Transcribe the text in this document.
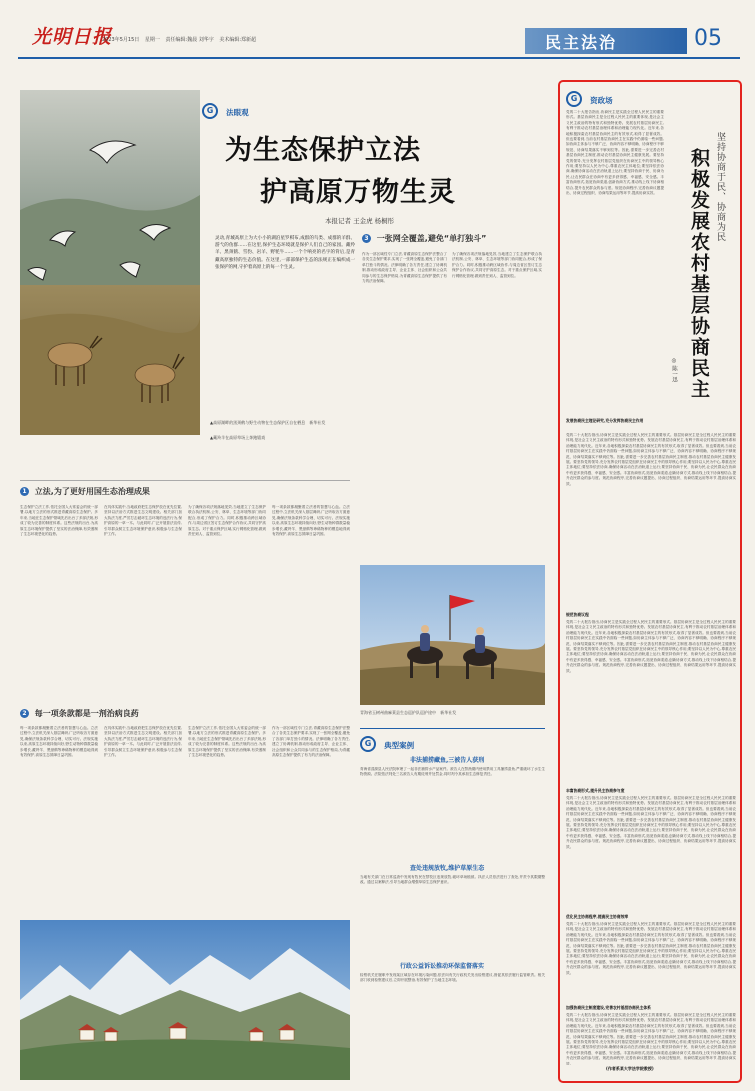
光明日报
2023年5月15日 星期一 责任编辑:魏晨 刘华宇 美术编辑:郑新超	民主法治	05
▲高原湖畔的黑颈鹤与野生动物在生态保护区自在栖息 新华社发
▲藏羚羊在高原草场上奔跑嬉戏
G 法眼观
为生态保护立法
护高原万物生灵
本报记者 王金虎 杨桐彤
灵动,青城高原上为大小小的湖泊星罗棋布,成群的鸟类、成群的羊群、游弋的鱼群……在这里,保护生态环境就是保护人们自己的家园。藏羚羊、黑颈鹤、雪豹、岩羊、野牦牛……一个个响亮的名字的背后,是青藏高原独特的生态价值。在这里,一部部保护生态的法规正在编织成一张保护的网,守护着高原上的每一个生灵。
3 一张网全覆盖,避免“单打独斗”
作为一部区域性专门立法,青藏高原生态保护法整合了各类生态保护要求,实现了一张网全覆盖,避免了各部门单打独斗的情况。法律明确了各方责任,建立了协调机制,推动形成政府主导、企业主体、社会组织和公众共同参与的生态保护格局,为青藏高原生态保护提供了有力的法治保障。
为了确保各项法规落地见效,当地建立了生态保护联合执法机制,公安、林草、生态环境等部门协同配合,形成了保护合力。同时,积极推动跨区域协作,与周边省区签订生态保护合作协议,共同守护高原生态。对于重点保护区域,实行网格化管理,做到责任到人、监管到位。
1 立法,为了更好用国生态治理成果
生态保护立法工作,依托全国人大常委会的统一部署,以地方立法的形式推进青藏高原生态保护。多年来,当地在生态保护领域先后出台了多部法规,形成了较为完善的制度体系。这些法规的出台,为高原生态环境保护提供了坚实的法治保障,有效遏制了生态环境恶化的趋势。
在具体实践中,当地政府把生态保护放在优先位置,坚持以法治方式推进生态文明建设。相关部门加大执法力度,严厉打击破坏生态环境的违法行为,保护高原的一草一木。与此同时,广泛开展普法宣传,引导群众树立生态环境保护意识,积极参与生态保护工作。
为了确保各项法规落地见效,当地建立了生态保护联合执法机制,公安、林草、生态环境等部门协同配合,形成了保护合力。同时,积极推动跨区域协作,与周边省区签订生态保护合作协议,共同守护高原生态。对于重点保护区域,实行网格化管理,做到责任到人、监管到位。
每一项条款都凝聚着立法者的智慧与心血。立法过程中,立法机关深入基层调研,广泛听取各方面意见,确保法规条款科学合理、切实可行。法规实施以来,高原生态环境持续向好,野生动物种群数量稳步增长,藏羚羊、黑颈鹤等珍稀物种的栖息地得到有效保护,高原生态屏障日益巩固。
2 每一项条款都是一剂治病良药
每一项条款都凝聚着立法者的智慧与心血。立法过程中,立法机关深入基层调研,广泛听取各方面意见,确保法规条款科学合理、切实可行。法规实施以来,高原生态环境持续向好,野生动物种群数量稳步增长,藏羚羊、黑颈鹤等珍稀物种的栖息地得到有效保护,高原生态屏障日益巩固。
在具体实践中,当地政府把生态保护放在优先位置,坚持以法治方式推进生态文明建设。相关部门加大执法力度,严厉打击破坏生态环境的违法行为,保护高原的一草一木。与此同时,广泛开展普法宣传,引导群众树立生态环境保护意识,积极参与生态保护工作。
生态保护立法工作,依托全国人大常委会的统一部署,以地方立法的形式推进青藏高原生态保护。多年来,当地在生态保护领域先后出台了多部法规,形成了较为完善的制度体系。这些法规的出台,为高原生态环境保护提供了坚实的法治保障,有效遏制了生态环境恶化的趋势。
作为一部区域性专门立法,青藏高原生态保护法整合了各类生态保护要求,实现了一张网全覆盖,避免了各部门单打独斗的情况。法律明确了各方责任,建立了协调机制,推动形成政府主导、企业主体、社会组织和公众共同参与的生态保护格局,为青藏高原生态保护提供了有力的法治保障。
青海省玉树州曲麻莱县生态巡护队巡护途中 新华社发
G 典型案例
非法捕捞藏鱼,三被告人获刑
青海省湟源县人民法院审理了一起非法捕捞水产品案件。被告人在禁渔期内使用禁用工具捕捞湟鱼,严重破坏了水生生物资源。法院依法判处三名被告人有期徒刑并处罚金,同时判令其承担生态修复责任。
查处违规放牧,维护草原生态
当地有关部门在日常巡查中发现有牧民在禁牧区违规放牧,破坏草场植被。执法人员依法进行了查处,并责令其限期整改。通过以案释法,引导当地群众增强草原生态保护意识。
行政公益诉讼推动环保监督落实
检察机关在履职中发现某区域存在环境污染问题,依法向有关行政机关发出检察建议,督促其依法履行监管职责。相关部门收到检察建议后,立即开展整治,有效保护了当地生态环境。
G 资政场
坚持协商于民、协商为民
积极发展农村基层协商民主
◎ 陈一迅
党的二十大报告指出,协商民主是实践全过程人民民主的重要形式。基层协商民主是全过程人民民主的重要体现,是社会主义民主政治的特有形式和独特优势。发展农村基层协商民主,有利于推动农村基层治理体系和治理能力现代化。近年来,各地积极探索农村基层协商民主的有效形式,取得了显著成效。但也要看到,当前农村基层协商民主在实践中仍面临一些问题,如协商主体参与不够广泛、协商内容不够明确、协商程序不够规范、协商结果落实不够到位等。因此,需要进一步完善农村基层协商民主制度,推动农村基层协商民主健康发展。要坚持党的领导,充分发挥农村基层党组织在协商民主中的领导核心作用;要坚持以人民为中心,尊重农民主体地位;要坚持依法协商,确保协商活动在法治轨道上运行;要坚持协商于民、协商为民,让农民群众在协商中有更多获得感、幸福感、安全感。丰富协商形式,拓宽协商渠道,创新协商方式,推动线上线下协商相结合,提升农民群众的参与度。规范协商程序,完善协商议题提出、协商过程组织、协商结果运用等环节,提高协商实效。
发展协商民主理论研究,充分发挥协商民主作用
党的二十大报告指出,协商民主是实践全过程人民民主的重要形式。基层协商民主是全过程人民民主的重要体现,是社会主义民主政治的特有形式和独特优势。发展农村基层协商民主,有利于推动农村基层治理体系和治理能力现代化。近年来,各地积极探索农村基层协商民主的有效形式,取得了显著成效。但也要看到,当前农村基层协商民主在实践中仍面临一些问题,如协商主体参与不够广泛、协商内容不够明确、协商程序不够规范、协商结果落实不够到位等。因此,需要进一步完善农村基层协商民主制度,推动农村基层协商民主健康发展。要坚持党的领导,充分发挥农村基层党组织在协商民主中的领导核心作用;要坚持以人民为中心,尊重农民主体地位;要坚持依法协商,确保协商活动在法治轨道上运行;要坚持协商于民、协商为民,让农民群众在协商中有更多获得感、幸福感、安全感。丰富协商形式,拓宽协商渠道,创新协商方式,推动线上线下协商相结合,提升农民群众的参与度。规范协商程序,完善协商议题提出、协商过程组织、协商结果运用等环节,提高协商实效。
规范协商议程
党的二十大报告指出,协商民主是实践全过程人民民主的重要形式。基层协商民主是全过程人民民主的重要体现,是社会主义民主政治的特有形式和独特优势。发展农村基层协商民主,有利于推动农村基层治理体系和治理能力现代化。近年来,各地积极探索农村基层协商民主的有效形式,取得了显著成效。但也要看到,当前农村基层协商民主在实践中仍面临一些问题,如协商主体参与不够广泛、协商内容不够明确、协商程序不够规范、协商结果落实不够到位等。因此,需要进一步完善农村基层协商民主制度,推动农村基层协商民主健康发展。要坚持党的领导,充分发挥农村基层党组织在协商民主中的领导核心作用;要坚持以人民为中心,尊重农民主体地位;要坚持依法协商,确保协商活动在法治轨道上运行;要坚持协商于民、协商为民,让农民群众在协商中有更多获得感、幸福感、安全感。丰富协商形式,拓宽协商渠道,创新协商方式,推动线上线下协商相结合,提升农民群众的参与度。规范协商程序,完善协商议题提出、协商过程组织、协商结果运用等环节,提高协商实效。
丰富协商形式,提升民主协商参与度
党的二十大报告指出,协商民主是实践全过程人民民主的重要形式。基层协商民主是全过程人民民主的重要体现,是社会主义民主政治的特有形式和独特优势。发展农村基层协商民主,有利于推动农村基层治理体系和治理能力现代化。近年来,各地积极探索农村基层协商民主的有效形式,取得了显著成效。但也要看到,当前农村基层协商民主在实践中仍面临一些问题,如协商主体参与不够广泛、协商内容不够明确、协商程序不够规范、协商结果落实不够到位等。因此,需要进一步完善农村基层协商民主制度,推动农村基层协商民主健康发展。要坚持党的领导,充分发挥农村基层党组织在协商民主中的领导核心作用;要坚持以人民为中心,尊重农民主体地位;要坚持依法协商,确保协商活动在法治轨道上运行;要坚持协商于民、协商为民,让农民群众在协商中有更多获得感、幸福感、安全感。丰富协商形式,拓宽协商渠道,创新协商方式,推动线上线下协商相结合,提升农民群众的参与度。规范协商程序,完善协商议题提出、协商过程组织、协商结果运用等环节,提高协商实效。
优化民主协商程序,提高民主协商效率
党的二十大报告指出,协商民主是实践全过程人民民主的重要形式。基层协商民主是全过程人民民主的重要体现,是社会主义民主政治的特有形式和独特优势。发展农村基层协商民主,有利于推动农村基层治理体系和治理能力现代化。近年来,各地积极探索农村基层协商民主的有效形式,取得了显著成效。但也要看到,当前农村基层协商民主在实践中仍面临一些问题,如协商主体参与不够广泛、协商内容不够明确、协商程序不够规范、协商结果落实不够到位等。因此,需要进一步完善农村基层协商民主制度,推动农村基层协商民主健康发展。要坚持党的领导,充分发挥农村基层党组织在协商民主中的领导核心作用;要坚持以人民为中心,尊重农民主体地位;要坚持依法协商,确保协商活动在法治轨道上运行;要坚持协商于民、协商为民,让农民群众在协商中有更多获得感、幸福感、安全感。丰富协商形式,拓宽协商渠道,创新协商方式,推动线上线下协商相结合,提升农民群众的参与度。规范协商程序,完善协商议题提出、协商过程组织、协商结果运用等环节,提高协商实效。
加强协商民主制度建设,完善农村基层协商民主体系
党的二十大报告指出,协商民主是实践全过程人民民主的重要形式。基层协商民主是全过程人民民主的重要体现,是社会主义民主政治的特有形式和独特优势。发展农村基层协商民主,有利于推动农村基层治理体系和治理能力现代化。近年来,各地积极探索农村基层协商民主的有效形式,取得了显著成效。但也要看到,当前农村基层协商民主在实践中仍面临一些问题,如协商主体参与不够广泛、协商内容不够明确、协商程序不够规范、协商结果落实不够到位等。因此,需要进一步完善农村基层协商民主制度,推动农村基层协商民主健康发展。要坚持党的领导,充分发挥农村基层党组织在协商民主中的领导核心作用;要坚持以人民为中心,尊重农民主体地位;要坚持依法协商,确保协商活动在法治轨道上运行;要坚持协商于民、协商为民,让农民群众在协商中有更多获得感、幸福感、安全感。丰富协商形式,拓宽协商渠道,创新协商方式,推动线上线下协商相结合,提升农民群众的参与度。规范协商程序,完善协商议题提出、协商过程组织、协商结果运用等环节,提高协商实效。
(作者系某大学法学院教授)
